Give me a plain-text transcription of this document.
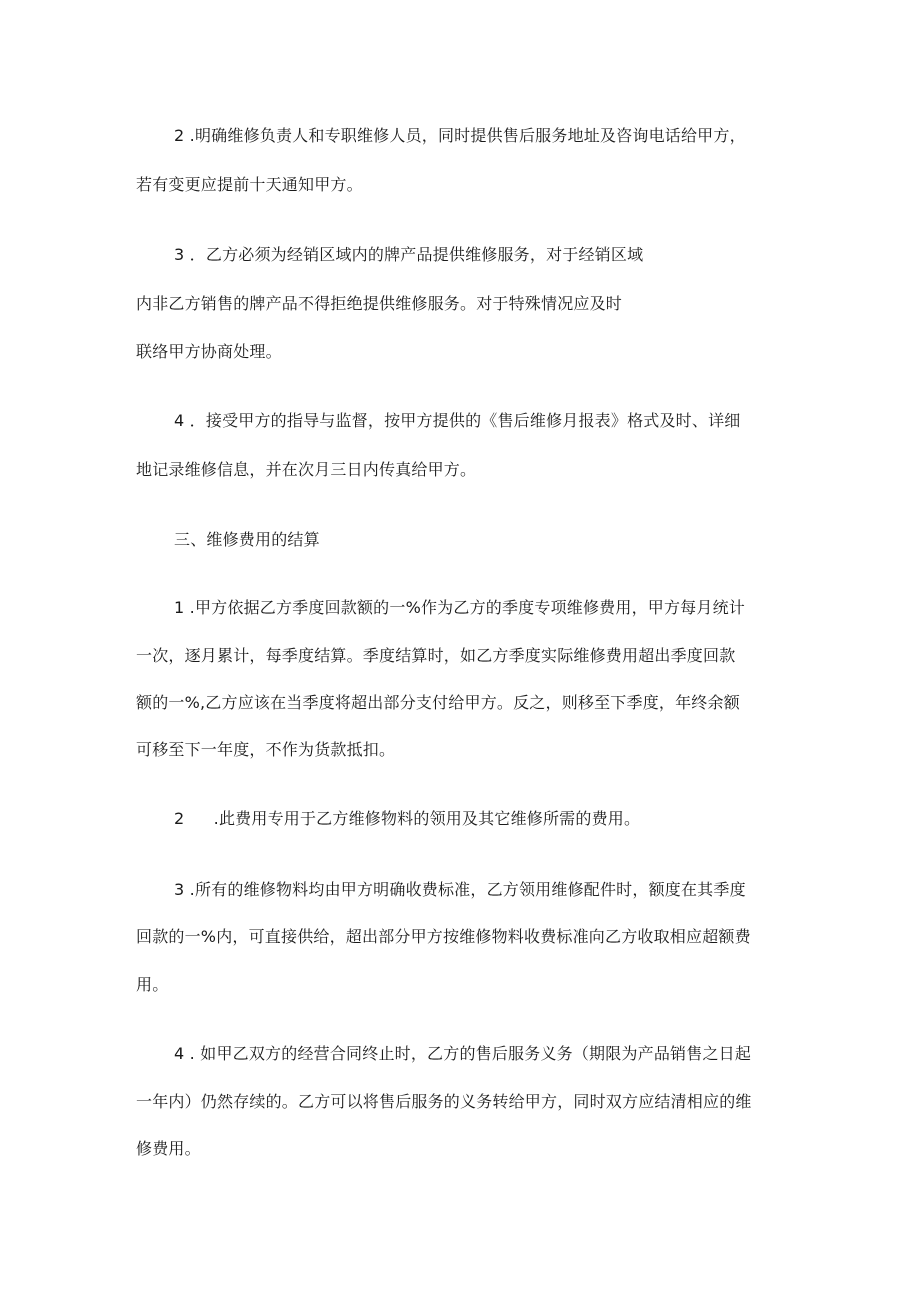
2 .明确维修负责人和专职维修人员，同时提供售后服务地址及咨询电话给甲方，
若有变更应提前十天通知甲方。
3 ．乙方必须为经销区域内的牌产品提供维修服务，对于经销区域
内非乙方销售的牌产品不得拒绝提供维修服务。对于特殊情况应及时
联络甲方协商处理。
4 ．接受甲方的指导与监督，按甲方提供的《售后维修月报表》格式及时、详细
地记录维修信息，并在次月三日内传真给甲方。
三、维修费用的结算
1 .甲方依据乙方季度回款额的一%作为乙方的季度专项维修费用，甲方每月统计
一次，逐月累计，每季度结算。季度结算时，如乙方季度实际维修费用超出季度回款
额的一%,乙方应该在当季度将超出部分支付给甲方。反之，则移至下季度，年终余额
可移至下一年度，不作为货款抵扣。
2 .此费用专用于乙方维修物料的领用及其它维修所需的费用。
3 .所有的维修物料均由甲方明确收费标准，乙方领用维修配件时，额度在其季度
回款的一%内，可直接供给，超出部分甲方按维修物料收费标准向乙方收取相应超额费
用。
4 . 如甲乙双方的经营合同终止时，乙方的售后服务义务（期限为产品销售之日起
一年内）仍然存续的。乙方可以将售后服务的义务转给甲方，同时双方应结清相应的维
修费用。
